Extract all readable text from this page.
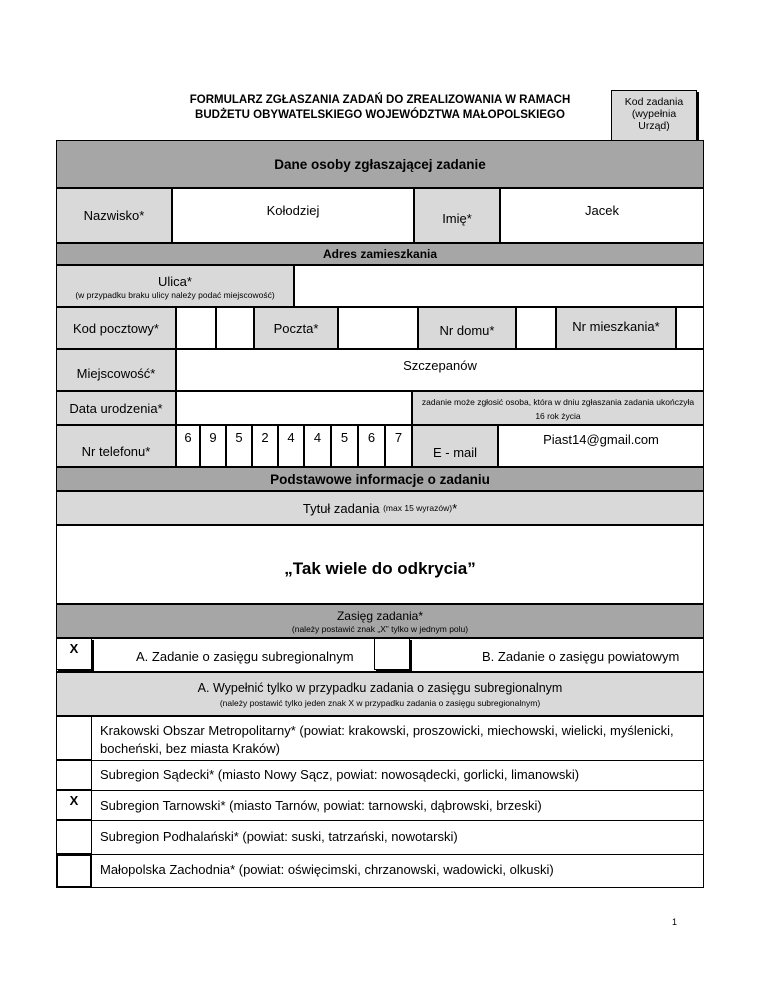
FORMULARZ ZGŁASZANIA ZADAŃ DO ZREALIZOWANIA W RAMACH
BUDŻETU OBYWATELSKIEGO WOJEWÓDZTWA MAŁOPOLSKIEGO
Kod zadania
(wypełnia
Urząd)
Dane osoby zgłaszającej zadanie
Nazwisko*	Kołodziej
Imię*
Jacek
Adres zamieszkania
Ulica*
(w przypadku braku ulicy należy podać miejscowość)
Kod pocztowy*	Poczta*	Nr domu*	Nr mieszkania*
Miejscowość*	Szczepanów
Data urodzenia*	zadanie może zgłosić osoba, która w dniu zgłaszania zadania ukończyła
16 rok życia
Nr telefonu*
6	9	5	2	4	4	5	6	7
E - mail
Piast14@gmail.com
Podstawowe informacje o zadaniu
Tytuł zadania
(max 15 wyrazów) *
„Tak wiele do odkrycia”
Zasięg zadania*
(należy postawić znak „X” tylko w jednym polu)
X
A. Zadanie o zasięgu subregionalnym	B. Zadanie o zasięgu powiatowym
A. Wypełnić tylko w przypadku zadania o zasięgu subregionalnym
(należy postawić tylko jeden znak X w przypadku zadania o zasięgu subregionalnym)
Krakowski Obszar Metropolitarny* (powiat: krakowski, proszowicki, miechowski, wielicki, myślenicki,
bocheński, bez miasta Kraków)
Subregion Sądecki* (miasto Nowy Sącz, powiat: nowosądecki, gorlicki, limanowski)
X	Subregion Tarnowski* (miasto Tarnów, powiat: tarnowski, dąbrowski, brzeski)
Subregion Podhalański* (powiat: suski, tatrzański, nowotarski)
Małopolska Zachodnia* (powiat: oświęcimski, chrzanowski, wadowicki, olkuski)
1
